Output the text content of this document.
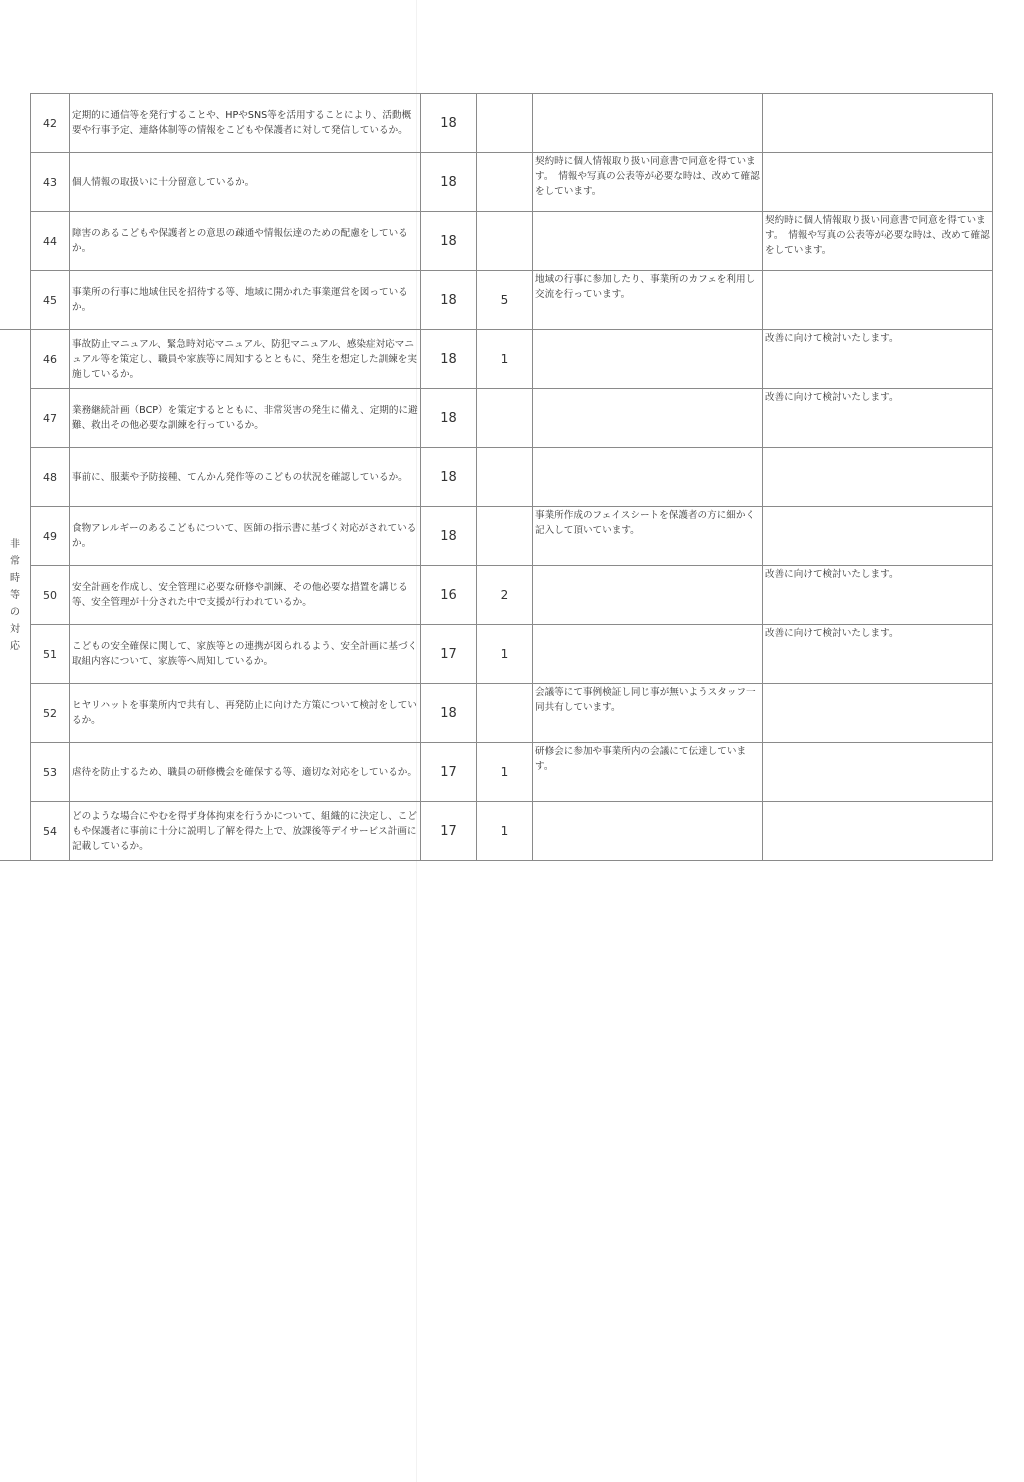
	42	定期的に通信等を発行することや、HPやSNS等を活用することにより、活動概要や行事予定、連絡体制等の情報をこどもや保護者に対して発信しているか。	18			
	43	個人情報の取扱いに十分留意しているか。	18		契約時に個人情報取り扱い同意書で同意を得ています。　情報や写真の公表等が必要な時は、改めて確認をしています。	
	44	障害のあるこどもや保護者との意思の疎通や情報伝達のための配慮をしているか。	18			契約時に個人情報取り扱い同意書で同意を得ています。　情報や写真の公表等が必要な時は、改めて確認をしています。
	45	事業所の行事に地域住民を招待する等、地域に開かれた事業運営を図っているか。	18	5	地域の行事に参加したり、事業所のカフェを利用し交流を行っています。	
非常時等の対応	46	事故防止マニュアル、緊急時対応マニュアル、防犯マニュアル、感染症対応マニュアル等を策定し、職員や家族等に周知するとともに、発生を想定した訓練を実施しているか。	18	1		改善に向けて検討いたします。
	47	業務継続計画（BCP）を策定するとともに、非常災害の発生に備え、定期的に避難、救出その他必要な訓練を行っているか。	18			改善に向けて検討いたします。
	48	事前に、服薬や予防接種、てんかん発作等のこどもの状況を確認しているか。	18			
	49	食物アレルギーのあるこどもについて、医師の指示書に基づく対応がされているか。	18		事業所作成のフェイスシートを保護者の方に細かく記入して頂いています。	
	50	安全計画を作成し、安全管理に必要な研修や訓練、その他必要な措置を講じる等、安全管理が十分された中で支援が行われているか。	16	2		改善に向けて検討いたします。
	51	こどもの安全確保に関して、家族等との連携が図られるよう、安全計画に基づく取組内容について、家族等へ周知しているか。	17	1		改善に向けて検討いたします。
	52	ヒヤリハットを事業所内で共有し、再発防止に向けた方策について検討をしているか。	18		会議等にて事例検証し同じ事が無いようスタッフ一同共有しています。	
	53	虐待を防止するため、職員の研修機会を確保する等、適切な対応をしているか。	17	1	研修会に参加や事業所内の会議にて伝達しています。	
	54	どのような場合にやむを得ず身体拘束を行うかについて、組織的に決定し、こどもや保護者に事前に十分に説明し了解を得た上で、放課後等デイサービス計画に記載しているか。	17	1		
